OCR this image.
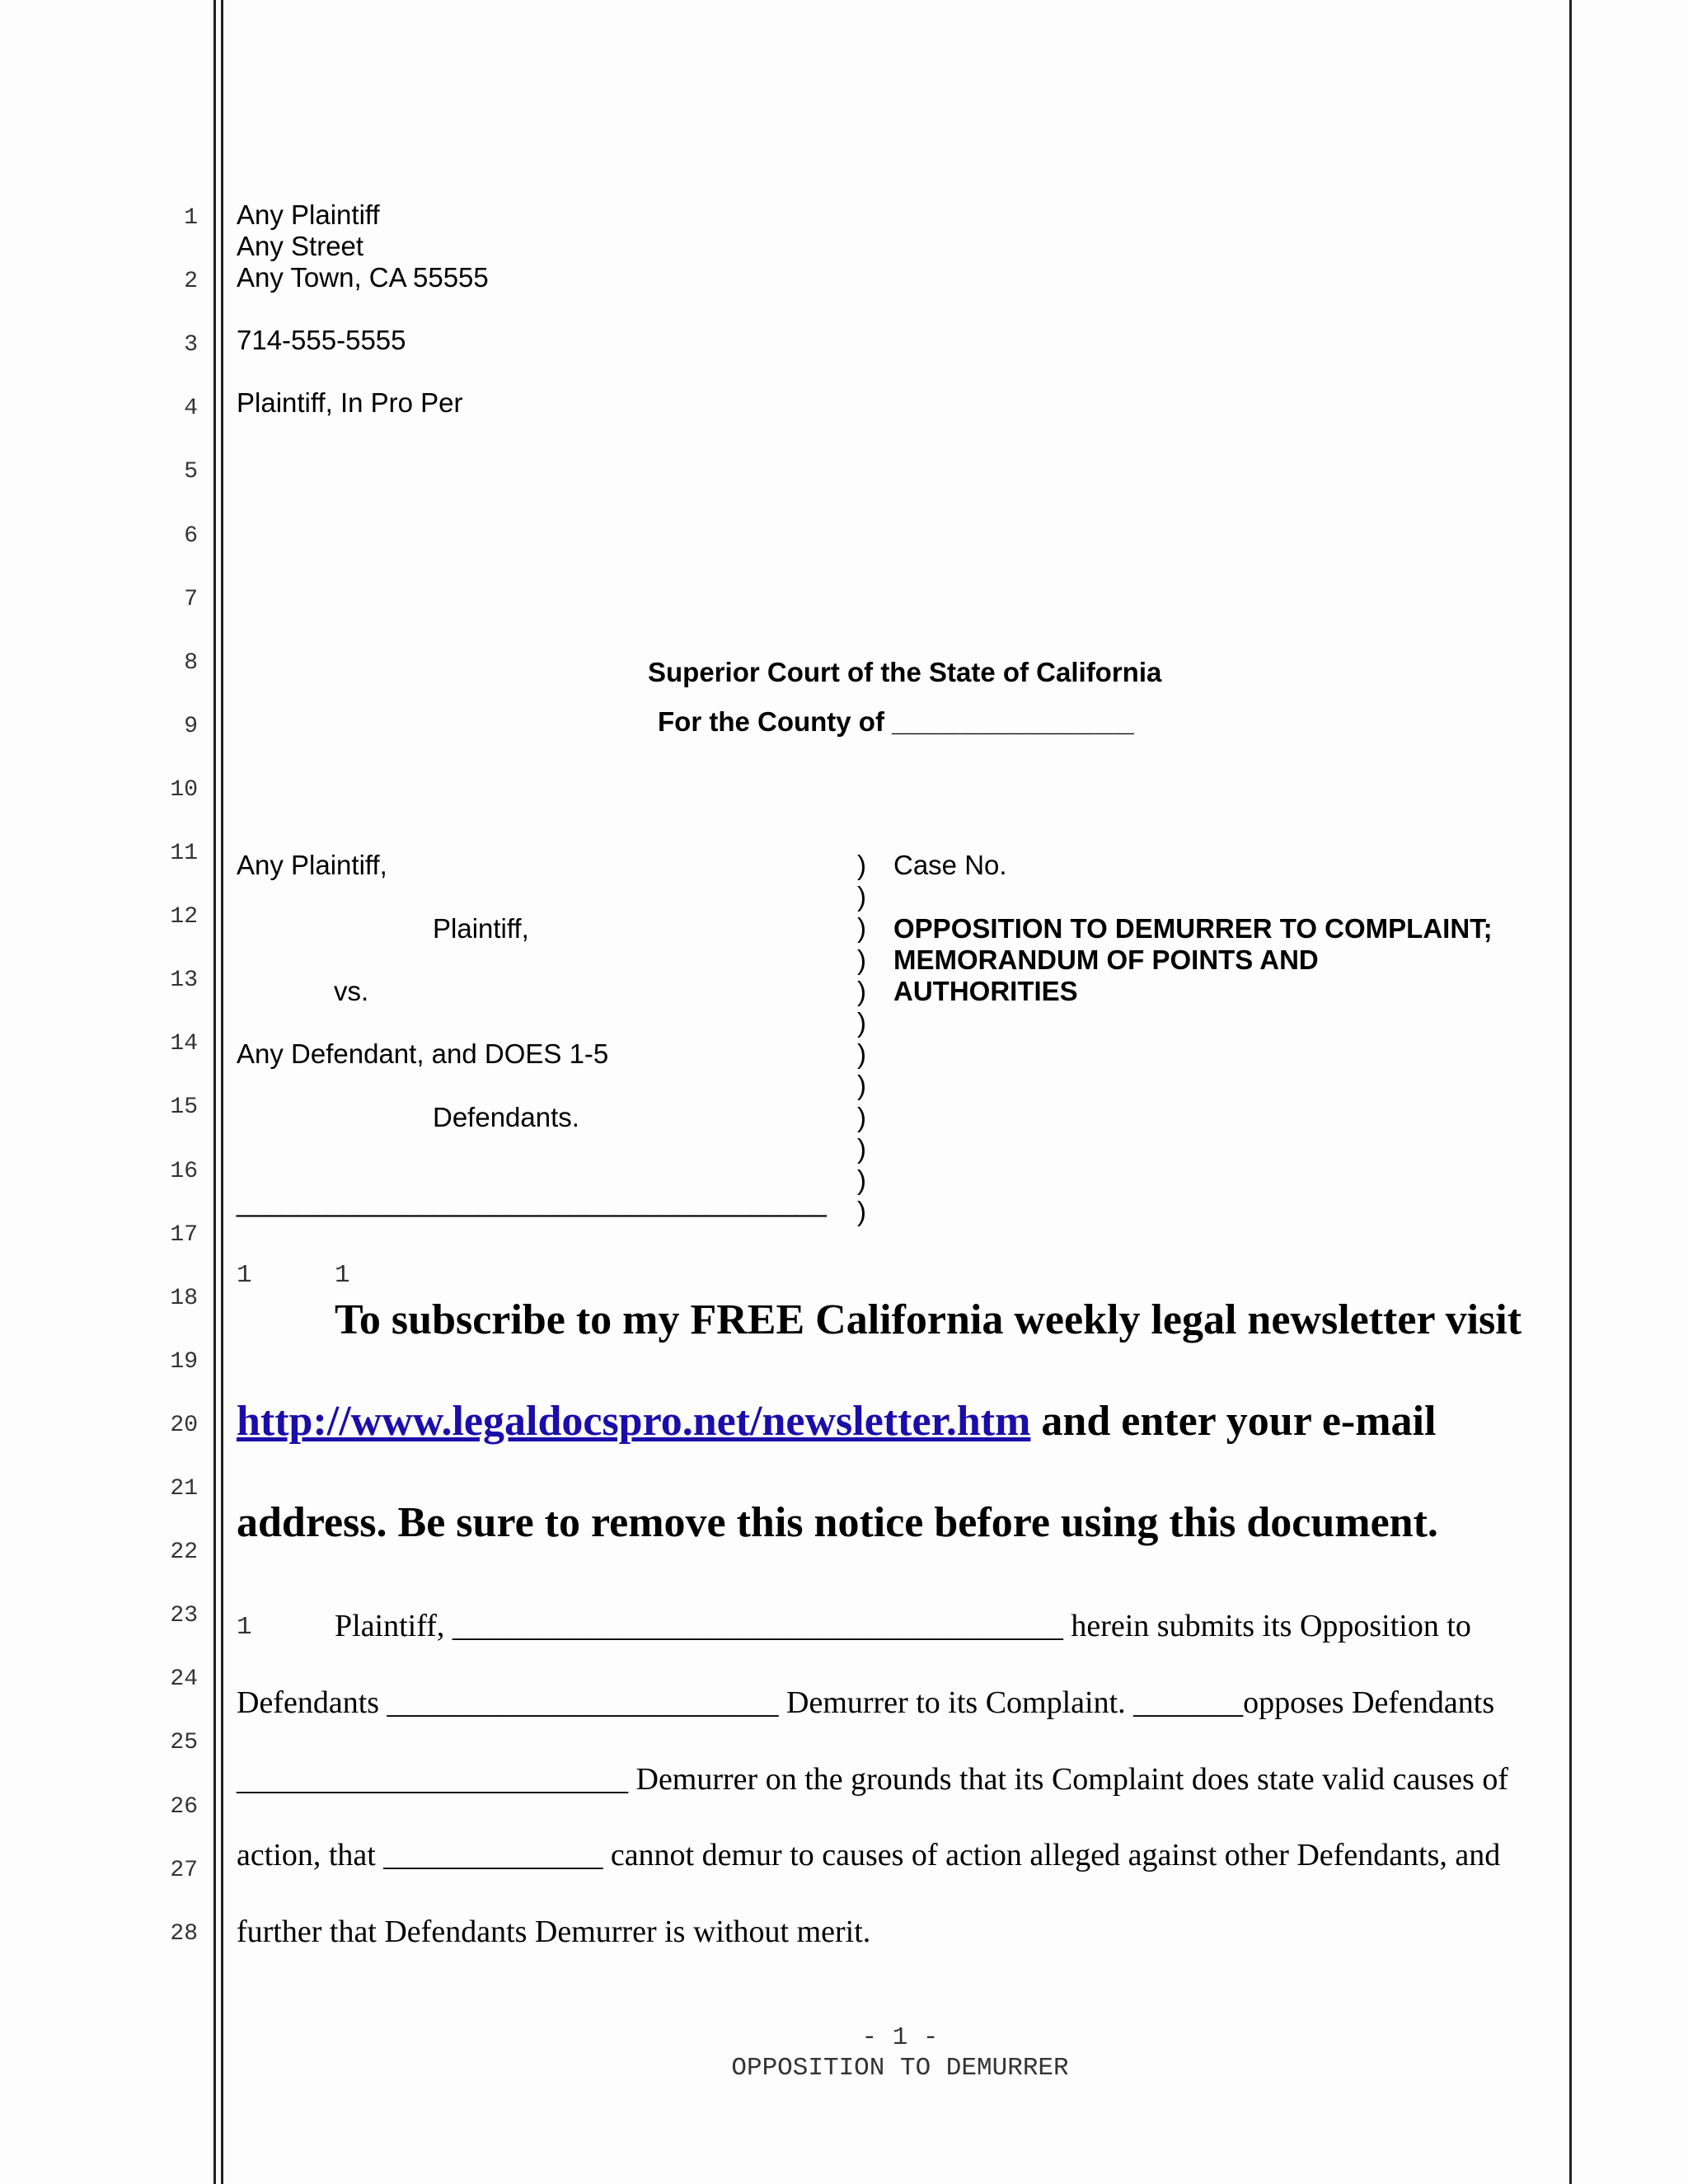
1
2
3
4
5
6
7
8
9
10
11
12
13
14
15
16
17
18
19
20
21
22
23
24
25
26
27
28
Any Plaintiff
Any Street
Any Town, CA 55555
714-555-5555
Plaintiff, In Pro Per
Superior Court of the State of California
For the County of ________________
Any Plaintiff,
Plaintiff,
vs.
Any Defendant, and DOES 1-5
Defendants.
_______________________________________
)
)
)
)
)
)
)
)
)
)
)
)
Case No.
OPPOSITION TO DEMURRER TO COMPLAINT;
MEMORANDUM OF POINTS AND
AUTHORITIES
1	1
To subscribe to my FREE California weekly legal newsletter visit
http://www.legaldocspro.net/newsletter.htm and enter your e-mail
address. Be sure to remove this notice before using this document.
1	Plaintiff, _______________________________________ herein submits its Opposition to
Defendants _________________________ Demurrer to its Complaint. _______opposes Defendants
_________________________ Demurrer on the grounds that its Complaint does state valid causes of
action, that ______________ cannot demur to causes of action alleged against other Defendants, and
further that Defendants Demurrer is without merit.
- 1 -
OPPOSITION TO DEMURRER
